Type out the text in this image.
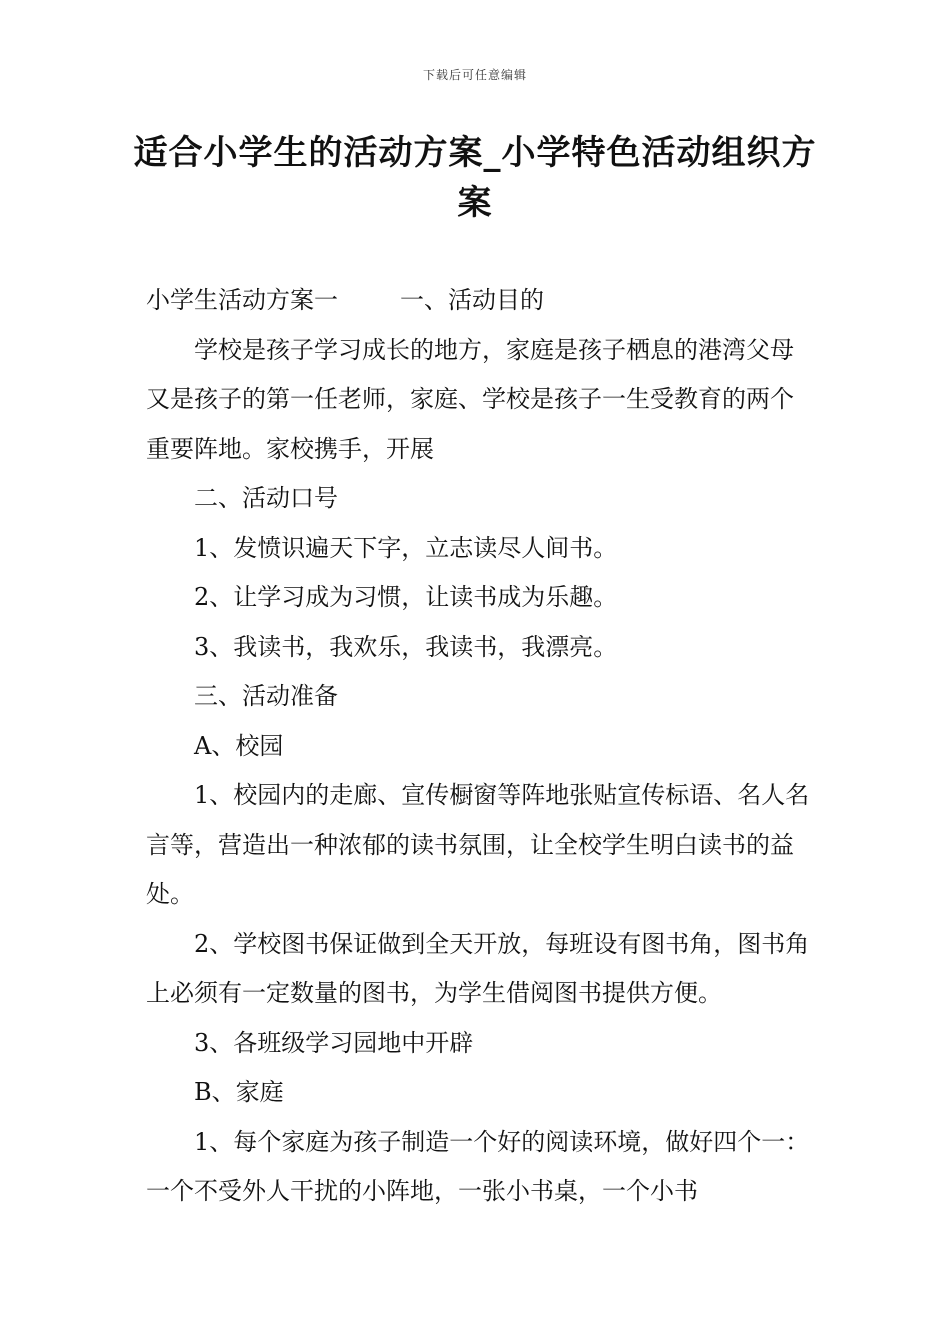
下载后可任意编辑
适合小学生的活动方案_小学特色活动组织方案

小学生活动方案一	一、活动目的

学校是孩子学习成长的地方，家庭是孩子栖息的港湾父母又是孩子的第一任老师，家庭、学校是孩子一生受教育的两个重要阵地。家校携手，开展

二、活动口号

1、发愤识遍天下字，立志读尽人间书。

2、让学习成为习惯，让读书成为乐趣。

3、我读书，我欢乐，我读书，我漂亮。

三、活动准备

A、校园

1、校园内的走廊、宣传橱窗等阵地张贴宣传标语、名人名言等，营造出一种浓郁的读书氛围，让全校学生明白读书的益处。

2、学校图书保证做到全天开放，每班设有图书角，图书角上必须有一定数量的图书，为学生借阅图书提供方便。

3、各班级学习园地中开辟

B、家庭

1、每个家庭为孩子制造一个好的阅读环境，做好四个一：一个不受外人干扰的小阵地，一张小书桌，一个小书
